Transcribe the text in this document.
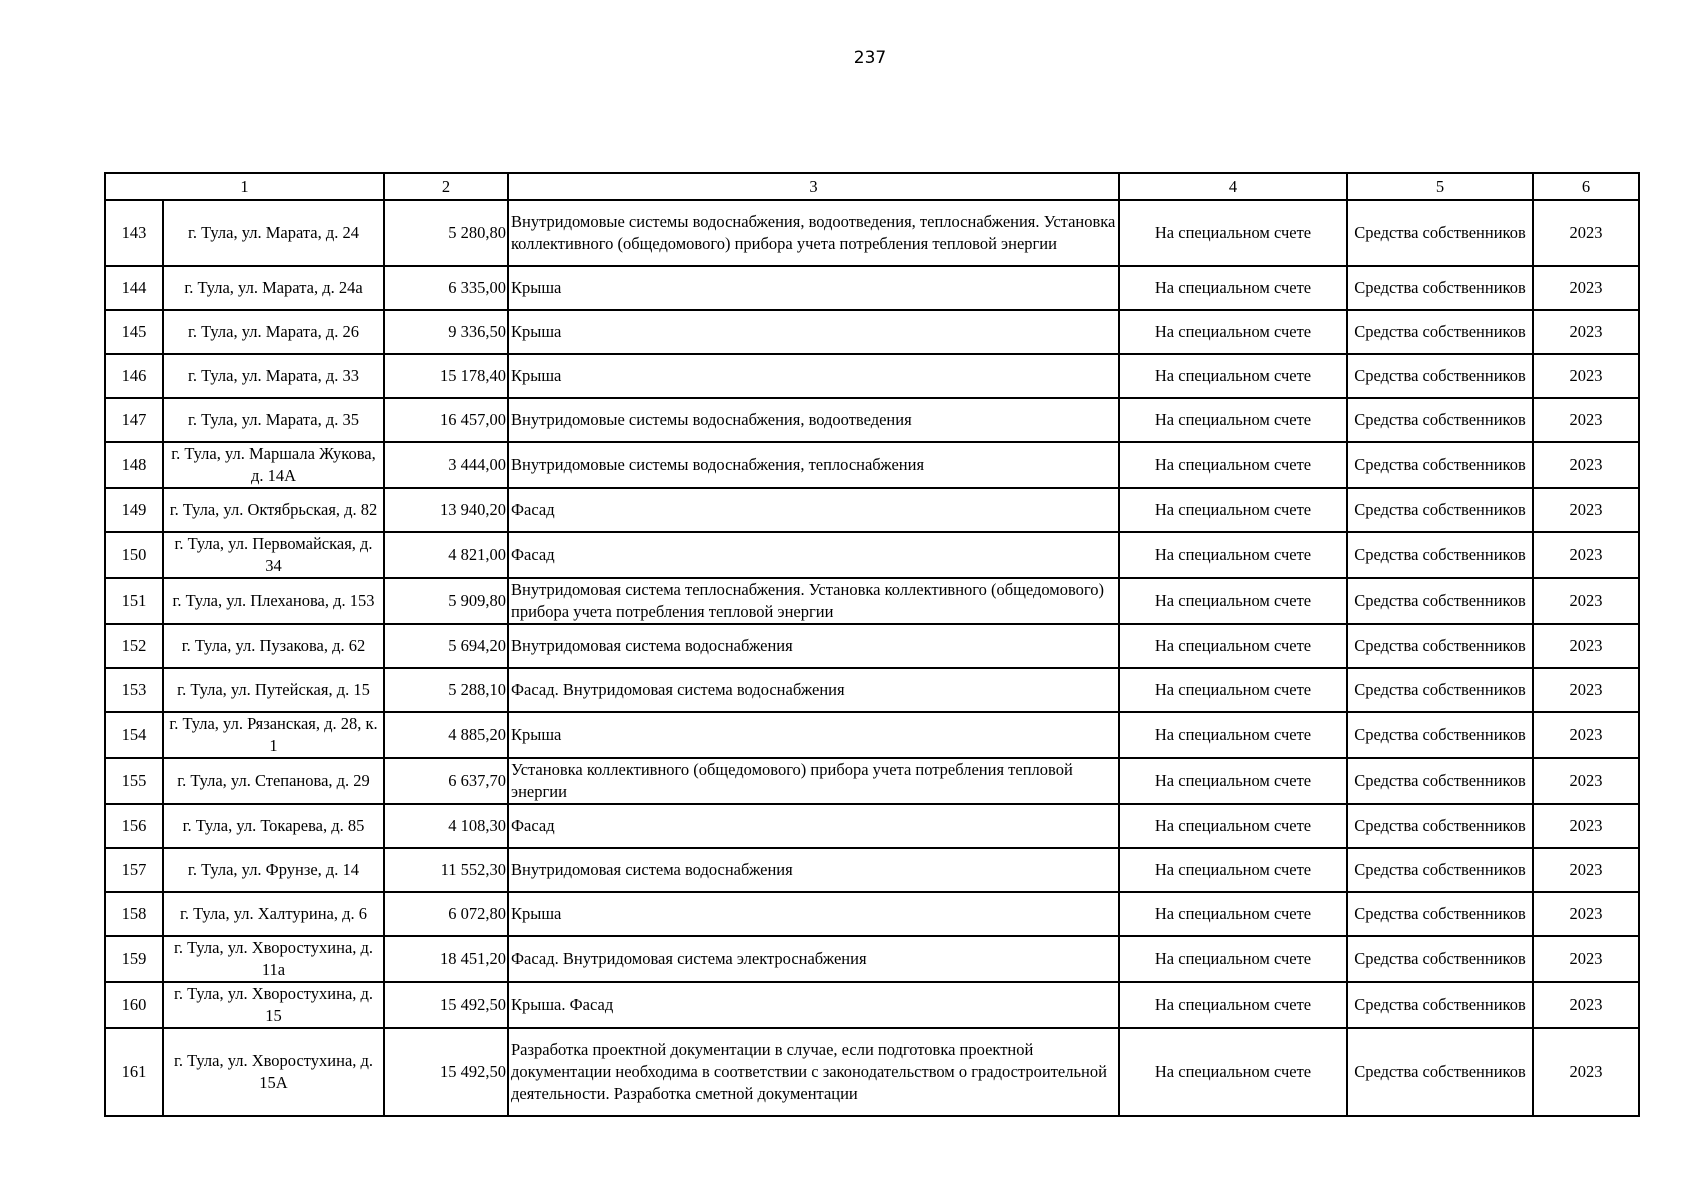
237
1		2	3	4	5	6
143	г. Тула, ул. Марата, д. 24	5 280,80	Внутридомовые системы водоснабжения, водоотведения, теплоснабжения. Установка коллективного (общедомового) прибора учета потребления тепловой энергии	На специальном счете	Средства собственников	2023
144	г. Тула, ул. Марата, д. 24а	6 335,00	Крыша	На специальном счете	Средства собственников	2023
145	г. Тула, ул. Марата, д. 26	9 336,50	Крыша	На специальном счете	Средства собственников	2023
146	г. Тула, ул. Марата, д. 33	15 178,40	Крыша	На специальном счете	Средства собственников	2023
147	г. Тула, ул. Марата, д. 35	16 457,00	Внутридомовые системы водоснабжения, водоотведения	На специальном счете	Средства собственников	2023
148	г. Тула, ул. Маршала Жукова, д. 14А	3 444,00	Внутридомовые системы водоснабжения, теплоснабжения	На специальном счете	Средства собственников	2023
149	г. Тула, ул. Октябрьская, д. 82	13 940,20	Фасад	На специальном счете	Средства собственников	2023
150	г. Тула, ул. Первомайская, д. 34	4 821,00	Фасад	На специальном счете	Средства собственников	2023
151	г. Тула, ул. Плеханова, д. 153	5 909,80	Внутридомовая система теплоснабжения. Установка коллективного (общедомового) прибора учета потребления тепловой энергии	На специальном счете	Средства собственников	2023
152	г. Тула, ул. Пузакова, д. 62	5 694,20	Внутридомовая система водоснабжения	На специальном счете	Средства собственников	2023
153	г. Тула, ул. Путейская, д. 15	5 288,10	Фасад. Внутридомовая система водоснабжения	На специальном счете	Средства собственников	2023
154	г. Тула, ул. Рязанская, д. 28, к. 1	4 885,20	Крыша	На специальном счете	Средства собственников	2023
155	г. Тула, ул. Степанова, д. 29	6 637,70	Установка коллективного (общедомового) прибора учета потребления тепловой энергии	На специальном счете	Средства собственников	2023
156	г. Тула, ул. Токарева, д. 85	4 108,30	Фасад	На специальном счете	Средства собственников	2023
157	г. Тула, ул. Фрунзе, д. 14	11 552,30	Внутридомовая система водоснабжения	На специальном счете	Средства собственников	2023
158	г. Тула, ул. Халтурина, д. 6	6 072,80	Крыша	На специальном счете	Средства собственников	2023
159	г. Тула, ул. Хворостухина, д. 11а	18 451,20	Фасад. Внутридомовая система электроснабжения	На специальном счете	Средства собственников	2023
160	г. Тула, ул. Хворостухина, д. 15	15 492,50	Крыша. Фасад	На специальном счете	Средства собственников	2023
161	г. Тула, ул. Хворостухина, д. 15А	15 492,50	Разработка проектной документации в случае, если подготовка проектной документации необходима в соответствии с законодательством о градостроительной деятельности. Разработка сметной документации	На специальном счете	Средства собственников	2023
